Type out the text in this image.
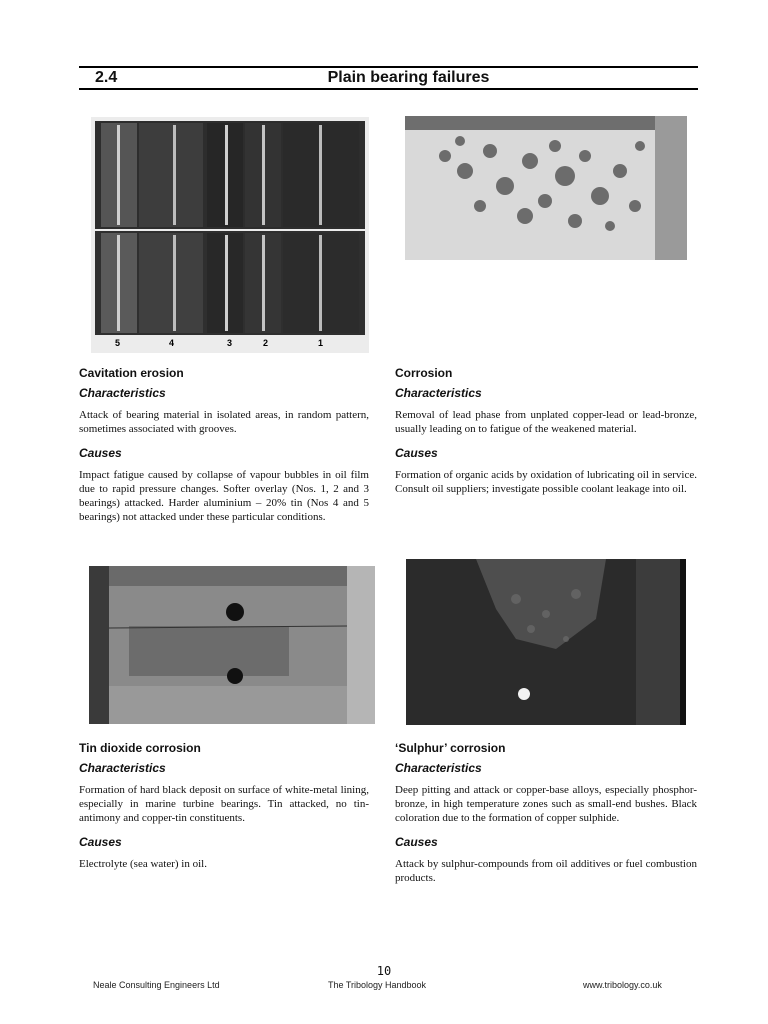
2.4	Plain bearing failures
5	4	3	2	1
Cavitation erosion
Characteristics

Attack of bearing material in isolated areas, in random pattern, sometimes associated with grooves.

Causes

Impact fatigue caused by collapse of vapour bubbles in oil film due to rapid pressure changes. Softer overlay (Nos. 1, 2 and 3 bearings) attacked. Harder aluminium – 20% tin (Nos 4 and 5 bearings) not attacked under these particular conditions.

Corrosion
Characteristics

Removal of lead phase from unplated copper-lead or lead-bronze, usually leading on to fatigue of the weakened material.

Causes

Formation of organic acids by oxidation of lubricating oil in service. Consult oil suppliers; investigate possible coolant leakage into oil.

Tin dioxide corrosion
Characteristics

Formation of hard black deposit on surface of white-metal lining, especially in marine turbine bearings. Tin attacked, no tin-antimony and copper-tin constituents.

Causes

Electrolyte (sea water) in oil.

‘Sulphur’ corrosion
Characteristics

Deep pitting and attack or copper-base alloys, especially phosphor-bronze, in high temperature zones such as small-end bushes. Black coloration due to the formation of copper sulphide.

Causes

Attack by sulphur-compounds from oil additives or fuel combustion products.

10
Neale Consulting Engineers Ltd	The Tribology Handbook	www.tribology.co.uk
